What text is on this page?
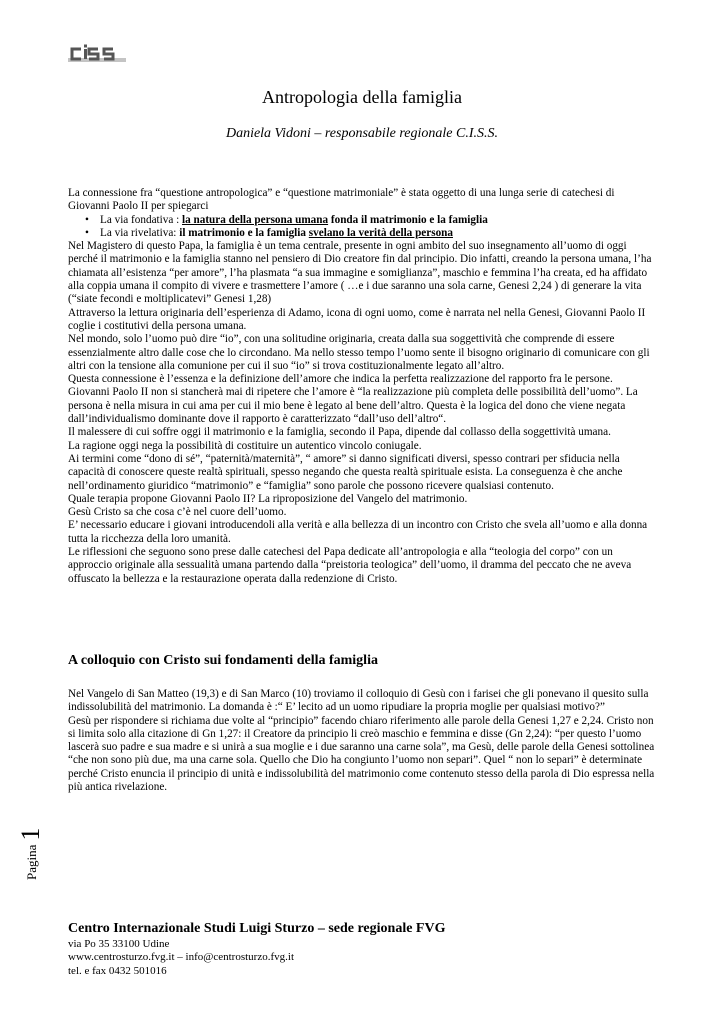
Antropologia della famiglia
Daniela Vidoni – responsabile regionale C.I.S.S.

La connessione fra “questione antropologica” e “questione matrimoniale” è stata oggetto di una lunga serie di catechesi di Giovanni Paolo II per spiegarci

• La via fondativa : la natura della persona umana fonda il matrimonio e la famiglia
• La via rivelativa: il matrimonio e la famiglia svelano la verità della persona

Nel Magistero di questo Papa, la famiglia è un tema centrale, presente in ogni ambito del suo insegnamento all’uomo di oggi perché il matrimonio e la famiglia stanno nel pensiero di Dio creatore fin dal principio. Dio infatti, creando la persona umana, l’ha chiamata all’esistenza “per amore”, l’ha plasmata “a sua immagine e somiglianza”, maschio e femmina l’ha creata, ed ha affidato alla coppia umana il compito di vivere e trasmettere l’amore ( …e i due saranno una sola carne, Genesi 2,24 ) di generare la vita (“siate fecondi e moltiplicatevi” Genesi 1,28)

Attraverso la lettura originaria dell’esperienza di Adamo, icona di ogni uomo, come è narrata nel nella Genesi, Giovanni Paolo II coglie i costitutivi della persona umana.

Nel mondo, solo l’uomo può dire “io”, con una solitudine originaria, creata dalla sua soggettività che comprende di essere essenzialmente altro dalle cose che lo circondano. Ma nello stesso tempo l’uomo sente il bisogno originario di comunicare con gli altri con la tensione alla comunione per cui il suo “io” si trova costituzionalmente legato all’altro.

Questa connessione è l’essenza e la definizione dell’amore che indica la perfetta realizzazione del rapporto fra le persone.

Giovanni Paolo II non si stancherà mai di ripetere che l’amore è “la realizzazione più completa delle possibilità dell’uomo”. La persona è nella misura in cui ama per cui il mio bene è legato al bene dell’altro. Questa è la logica del dono che viene negata dall’individualismo dominante dove il rapporto è caratterizzato “dall’uso dell’altro“.

Il malessere di cui soffre oggi il matrimonio e la famiglia, secondo il Papa, dipende dal collasso della soggettività umana.

La ragione oggi nega la possibilità di costituire un autentico vincolo coniugale.

Ai termini come “dono di sé”, “paternità/maternità”, “ amore” si danno significati diversi, spesso contrari per sfiducia nella capacità di conoscere queste realtà spirituali, spesso negando che questa realtà spirituale esista. La conseguenza è che anche nell’ordinamento giuridico “matrimonio” e “famiglia” sono parole che possono ricevere qualsiasi contenuto.

Quale terapia propone Giovanni Paolo II? La riproposizione del Vangelo del matrimonio.

Gesù Cristo sa che cosa c’è nel cuore dell’uomo.

E’ necessario educare i giovani introducendoli alla verità e alla bellezza di un incontro con Cristo che svela all’uomo e alla donna tutta la ricchezza della loro umanità.

Le riflessioni che seguono sono prese dalle catechesi del Papa dedicate all’antropologia e alla “teologia del corpo” con un approccio originale alla sessualità umana partendo dalla “preistoria teologica” dell’uomo, il dramma del peccato che ne aveva offuscato la bellezza e la restaurazione operata dalla redenzione di Cristo.

A colloquio con Cristo sui fondamenti della famiglia

Nel Vangelo di San Matteo (19,3) e di San Marco (10) troviamo il colloquio di Gesù con i farisei che gli ponevano il quesito sulla indissolubilità del matrimonio. La domanda è :“ E’ lecito ad un uomo ripudiare la propria moglie per qualsiasi motivo?”

Gesù per rispondere si richiama due volte al “principio” facendo chiaro riferimento alle parole della Genesi 1,27 e 2,24. Cristo non si limita solo alla citazione di Gn 1,27: il Creatore da principio li creò maschio e femmina e disse (Gn 2,24): “per questo l’uomo lascerà suo padre e sua madre e si unirà a sua moglie e i due saranno una carne sola”, ma Gesù, delle parole della Genesi sottolinea “che non sono più due, ma una carne sola. Quello che Dio ha congiunto l’uomo non separi”. Quel “ non lo separi” è determinate perché Cristo enuncia il principio di unità e indissolubilità del matrimonio come contenuto stesso della parola di Dio espressa nella più antica rivelazione.

Pagina1
Centro Internazionale Studi Luigi Sturzo – sede regionale FVG
via Po 35 33100 Udine
www.centrosturzo.fvg.it – info@centrosturzo.fvg.it
tel. e fax 0432 501016
